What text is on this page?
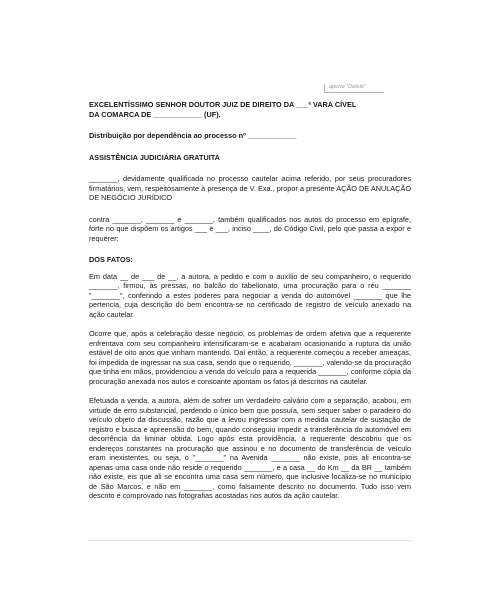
aperte "Delete"

EXCELENTÍSSIMO SENHOR DOUTOR JUIZ DE DIREITO DA ___ª VARA CÍVEL

DA COMARCA DE ____________ (UF).

Distribuição por dependência ao processo nº ____________

ASSISTÊNCIA JUDICIÁRIA GRATUITA

_______, devidamente qualificada no processo cautelar acima referido, por seus procuradores firmatários, vem, respeitosamente à presença de V. Exa., propor a presente AÇÃO DE ANULAÇÃO DE NEGÓCIO JURÍDICO

contra _______, _______ e _______, também qualificados nos autos do processo em epígrafe, forte no que dispõem os artigos ___ e ___, inciso ____, do Código Civil, pelo que passa a expor e requerer:

DOS FATOS:

Em data __ de ___ de __, a autora, a pedido e com o auxílio de seu companheiro, o requerido _______, firmou, às pressas, no balcão do tabelionato, uma procuração para o réu _______ "_______", conferindo a estes poderes para negociar a venda do automóvel _______ que lhe pertencia, cuja descrição do bem encontra-se no certificado de registro de veículo anexado na ação cautelar.

Ocorre que, após a celebração desse negócio, os problemas de ordem afetiva que a requerente enfrentava com seu companheiro intensificaram-se e acabaram ocasionando a ruptura da união estável de oito anos que vinham mantendo. Daí então, a requerente começou a receber ameaças, foi impedida de ingressar na sua casa, sendo que o requerido, _______, valendo-se da procuração que tinha em mãos, providenciou a venda do veículo para a requerida _______, conforme cópia da procuração anexada nos autos e consoante apontam os fatos já descritos na cautelar.

Efetuada a venda, a autora, além de sofrer um verdadeiro calvário com a separação, acabou, em virtude de erro substancial, perdendo o único bem que possuía, sem sequer saber o paradeiro do veículo objeto da discussão, razão que a levou ingressar com a medida cautelar de sustação de registro e busca e apreensão do bem, quando conseguiu impedir a transferência do automóvel em decorrência da liminar obtida. Logo após esta providência, a requerente descobriu que os endereços constantes na procuração que assinou e no documento de transferência de veículo eram inexistentes, ou seja, o "_______" na Avenida _______ não existe, pois ali encontra-se apenas uma casa onde não reside o requerido _______, e a casa __ do Km __ da BR __ também não existe, eis que ali se encontra uma casa sem número, que inclusive localiza-se no município de São Marcos, e não em _______, como falsamente descrito no documento. Tudo isso vem descrito e comprovado nas fotografias acostadas nos autos da ação cautelar.
